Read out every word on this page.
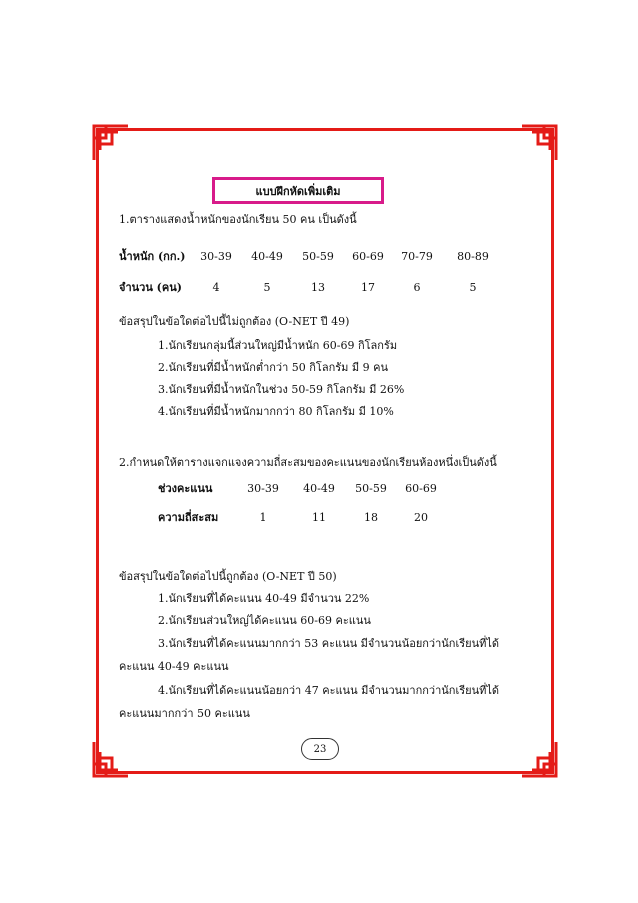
แบบฝึกหัดเพิ่มเติม
1.ตารางแสดงน้ำหนักของนักเรียน 50 คน เป็นดังนี้
น้ำหนัก (กก.)	30-39	40-49	50-59	60-69	70-79	80-89
จำนวน (คน)	4	5	13	17	6	5
ข้อสรุปในข้อใดต่อไปนี้ไม่ถูกต้อง (O-NET ปี 49)
1.นักเรียนกลุ่มนี้ส่วนใหญ่มีน้ำหนัก 60-69 กิโลกรัม
2.นักเรียนที่มีน้ำหนักต่ำกว่า 50 กิโลกรัม มี 9 คน
3.นักเรียนที่มีน้ำหนักในช่วง 50-59 กิโลกรัม มี 26%
4.นักเรียนที่มีน้ำหนักมากกว่า 80 กิโลกรัม มี 10%
2.กำหนดให้ตารางแจกแจงความถี่สะสมของคะแนนของนักเรียนห้องหนึ่งเป็นดังนี้
ช่วงคะแนน	30-39	40-49	50-59	60-69
ความถี่สะสม	1	11	18	20
ข้อสรุปในข้อใดต่อไปนี้ถูกต้อง (O-NET ปี 50)
1.นักเรียนที่ได้คะแนน 40-49 มีจำนวน 22%
2.นักเรียนส่วนใหญ่ได้คะแนน 60-69 คะแนน
3.นักเรียนที่ได้คะแนนมากกว่า 53 คะแนน มีจำนวนน้อยกว่านักเรียนที่ได้
คะแนน 40-49 คะแนน
4.นักเรียนที่ได้คะแนนน้อยกว่า 47 คะแนน มีจำนวนมากกว่านักเรียนที่ได้
คะแนนมากกว่า 50 คะแนน
23
